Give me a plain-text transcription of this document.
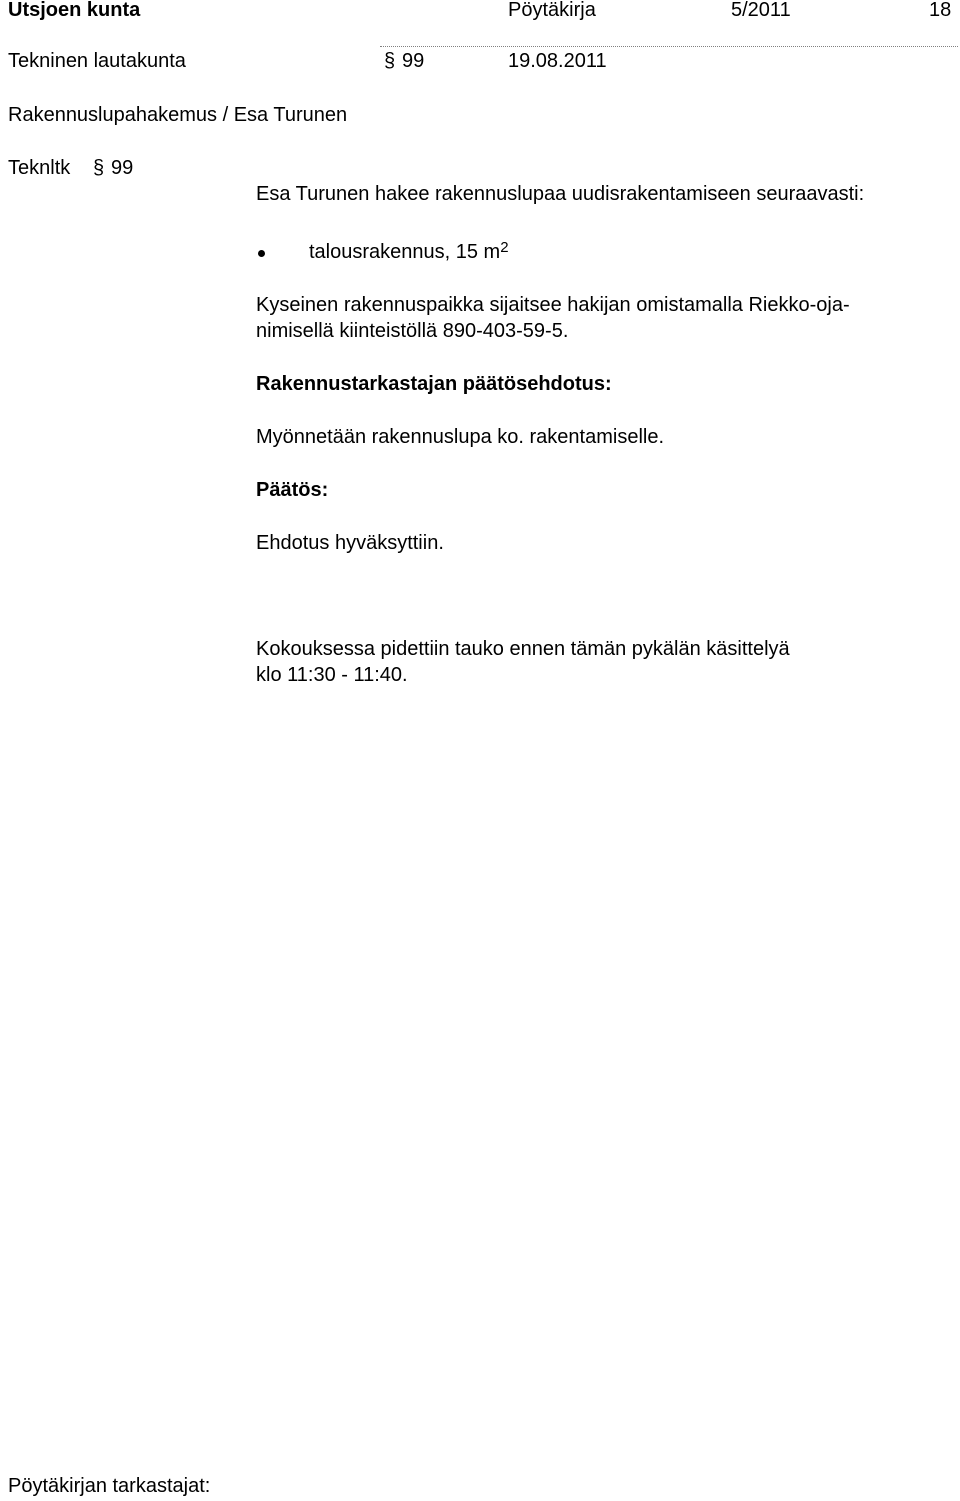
Utsjoen kunta	Pöytäkirja	5/2011	18
Tekninen lautakunta	§ 99	19.08.2011
Rakennuslupahakemus / Esa Turunen
Teknltk § 99
Esa Turunen hakee rakennuslupaa uudisrakentamiseen seuraavasti:
talousrakennus, 15 $m^2$
Kyseinen rakennuspaikka sijaitsee hakijan omistamalla Riekko-oja-
nimisellä kiinteistöllä 890-403-59-5.
Rakennustarkastajan päätösehdotus:
Myönnetään rakennuslupa ko. rakentamiselle.
Päätös:
Ehdotus hyväksyttiin.
Kokouksessa pidettiin tauko ennen tämän pykälän käsittelyä
klo 11:30 - 11:40.
Pöytäkirjan tarkastajat:
